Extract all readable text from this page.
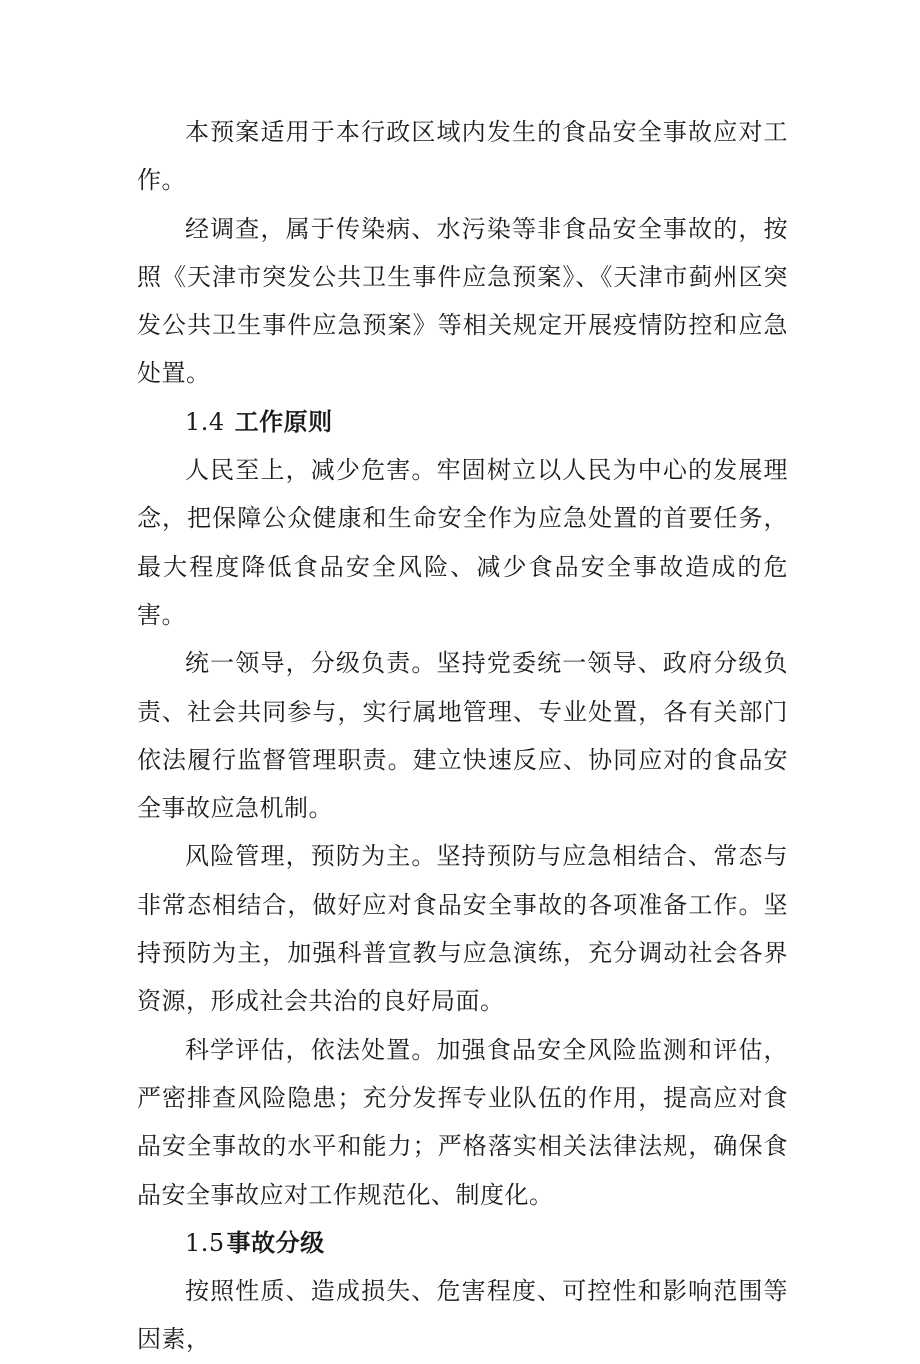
本预案适用于本行政区域内发生的食品安全事故应对工作。

经调查，属于传染病、水污染等非食品安全事故的，按照《天津市突发公共卫生事件应急预案》、《天津市蓟州区突发公共卫生事件应急预案》等相关规定开展疫情防控和应急处置。

1.4 工作原则

人民至上，减少危害。牢固树立以人民为中心的发展理念，把保障公众健康和生命安全作为应急处置的首要任务，最大程度降低食品安全风险、减少食品安全事故造成的危害。

统一领导，分级负责。坚持党委统一领导、政府分级负责、社会共同参与，实行属地管理、专业处置，各有关部门依法履行监督管理职责。建立快速反应、协同应对的食品安全事故应急机制。

风险管理，预防为主。坚持预防与应急相结合、常态与非常态相结合，做好应对食品安全事故的各项准备工作。坚持预防为主，加强科普宣教与应急演练，充分调动社会各界资源，形成社会共治的良好局面。

科学评估，依法处置。加强食品安全风险监测和评估，严密排查风险隐患；充分发挥专业队伍的作用，提高应对食品安全事故的水平和能力；严格落实相关法律法规，确保食品安全事故应对工作规范化、制度化。

1.5事故分级

按照性质、造成损失、危害程度、可控性和影响范围等因素，
